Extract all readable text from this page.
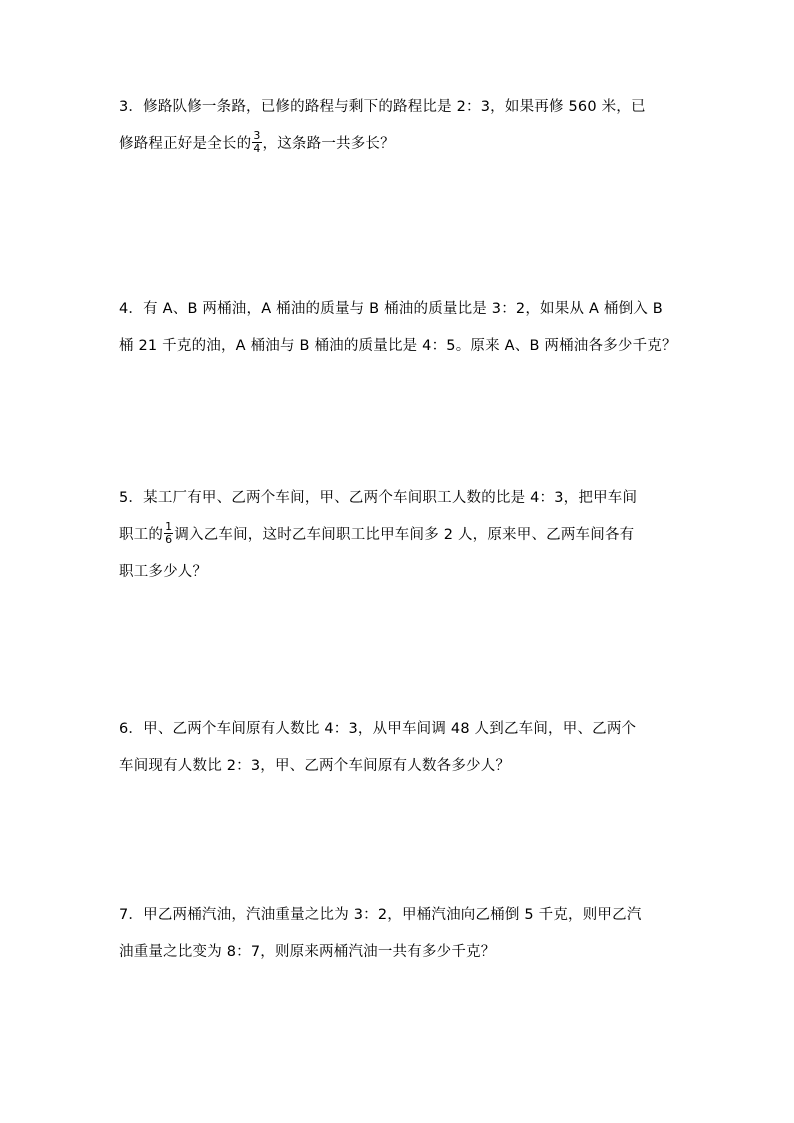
3．修路队修一条路，已修的路程与剩下的路程比是 2：3，如果再修 560 米，已
修路程正好是全长的 $\frac{3}{4}$ ，这条路一共多长？
4．有 A、B 两桶油，A 桶油的质量与 B 桶油的质量比是 3：2，如果从 A 桶倒入 B
桶 21 千克的油，A 桶油与 B 桶油的质量比是 4：5。原来 A、B 两桶油各多少千克？
5．某工厂有甲、乙两个车间，甲、乙两个车间职工人数的比是 4：3，把甲车间
职工的 $\frac{1}{6}$ 调入乙车间，这时乙车间职工比甲车间多 2 人，原来甲、乙两车间各有
职工多少人？
6．甲、乙两个车间原有人数比 4：3，从甲车间调 48 人到乙车间，甲、乙两个
车间现有人数比 2：3，甲、乙两个车间原有人数各多少人？
7．甲乙两桶汽油，汽油重量之比为 3：2，甲桶汽油向乙桶倒 5 千克，则甲乙汽
油重量之比变为 8：7，则原来两桶汽油一共有多少千克？
